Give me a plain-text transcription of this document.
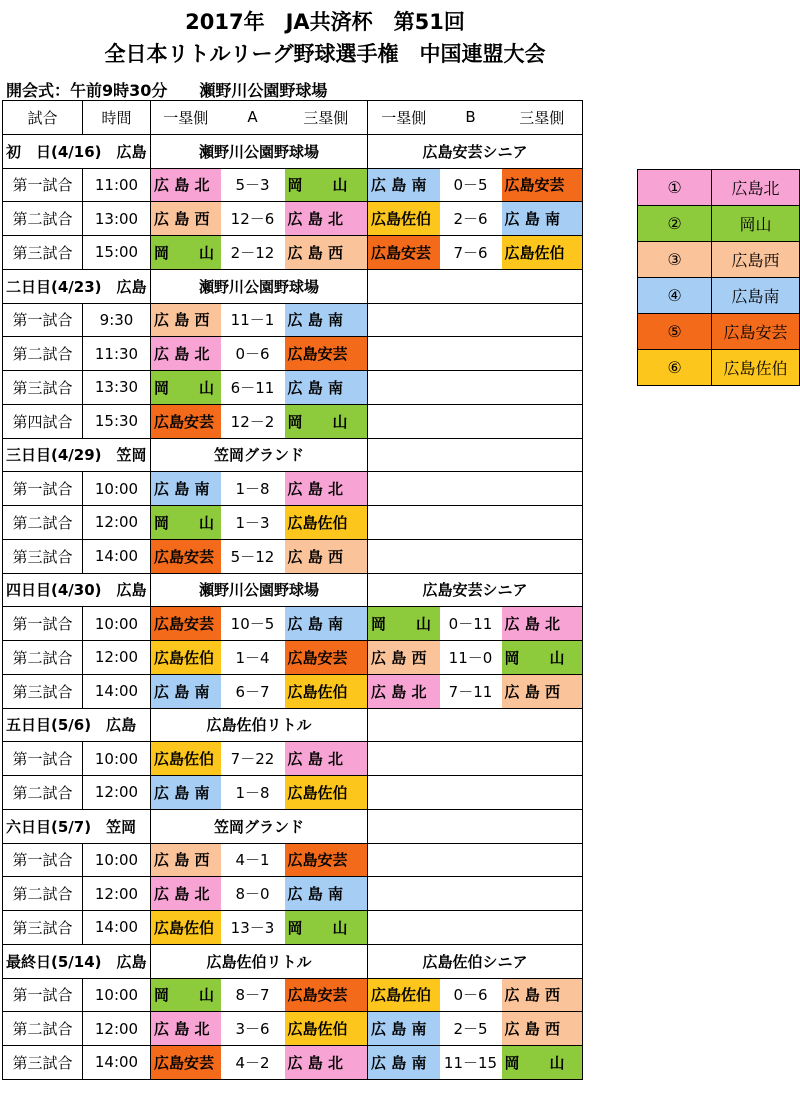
2017年　JA共済杯　第51回
全日本リトルリーグ野球選手権　中国連盟大会
開会式：午前9時30分　　瀬野川公園野球場
試合	時間	一塁側	A	三塁側	一塁側	B	三塁側
初　日(4/16)　広島		瀬野川公園野球場			広島安芸シニア		
第一試合	11:00	広 島 北	5－3	岡　　山	広 島 南	0－5	広島安芸
第二試合	13:00	広 島 西	12－6	広 島 北	広島佐伯	2－6	広 島 南
第三試合	15:00	岡　　山	2－12	広 島 西	広島安芸	7－6	広島佐伯
二日目(4/23)　広島		瀬野川公園野球場					
第一試合	9:30	広 島 西	11－1	広 島 南			
第二試合	11:30	広 島 北	0－6	広島安芸			
第三試合	13:30	岡　　山	6－11	広 島 南			
第四試合	15:30	広島安芸	12－2	岡　　山			
三日目(4/29)　笠岡		笠岡グランド					
第一試合	10:00	広 島 南	1－8	広 島 北			
第二試合	12:00	岡　　山	1－3	広島佐伯			
第三試合	14:00	広島安芸	5－12	広 島 西			
四日目(4/30)　広島		瀬野川公園野球場			広島安芸シニア		
第一試合	10:00	広島安芸	10－5	広 島 南	岡　　山	0－11	広 島 北
第二試合	12:00	広島佐伯	1－4	広島安芸	広 島 西	11－0	岡　　山
第三試合	14:00	広 島 南	6－7	広島佐伯	広 島 北	7－11	広 島 西
五日目(5/6)　広島		広島佐伯リトル					
第一試合	10:00	広島佐伯	7－22	広 島 北			
第二試合	12:00	広 島 南	1－8	広島佐伯			
六日目(5/7)　笠岡		笠岡グランド					
第一試合	10:00	広 島 西	4－1	広島安芸			
第二試合	12:00	広 島 北	8－0	広 島 南			
第三試合	14:00	広島佐伯	13－3	岡　　山			
最終日(5/14)　広島		広島佐伯リトル			広島佐伯シニア		
第一試合	10:00	岡　　山	8－7	広島安芸	広島佐伯	0－6	広 島 西
第二試合	12:00	広 島 北	3－6	広島佐伯	広 島 南	2－5	広 島 西
第三試合	14:00	広島安芸	4－2	広 島 北	広 島 南	11－15	岡　　山
①	広島北
②	岡山
③	広島西
④	広島南
⑤	広島安芸
⑥	広島佐伯
